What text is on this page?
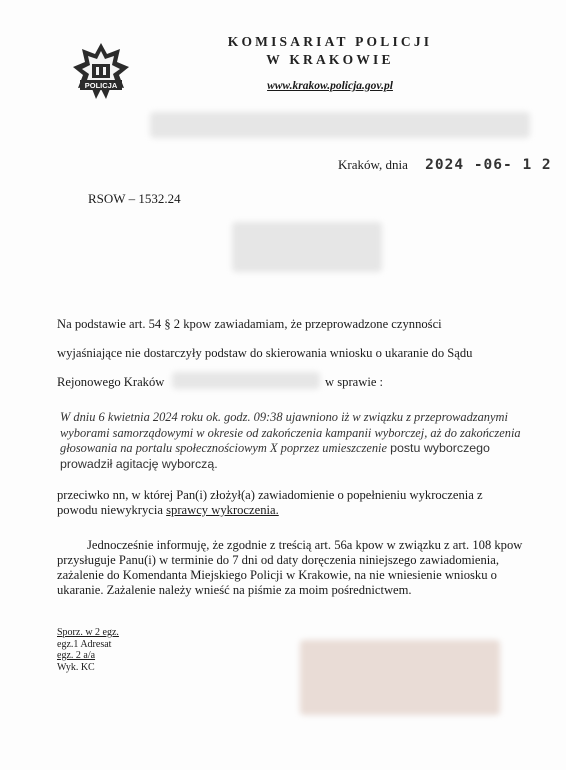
POLICJA
KOMISARIAT POLICJI
W KRAKOWIE
www.krakow.policja.gov.pl
Kraków, dnia 2024 -06- 1 2
RSOW – 1532.24
Na podstawie art. 54 § 2 kpow zawiadamiam, że przeprowadzone czynności
wyjaśniające nie dostarczyły podstaw do skierowania wniosku o ukaranie do Sądu
Rejonowego Kraków	w sprawie :
W dniu 6 kwietnia 2024 roku ok. godz. 09:38 ujawniono iż w związku z przeprowadzanymi wyborami samorządowymi w okresie od zakończenia kampanii wyborczej, aż do zakończenia głosowania na portalu społecznościowym X poprzez umieszczenie postu wyborczego prowadził agitację wyborczą.
przeciwko nn, w której Pan(i) złożył(a) zawiadomienie o popełnieniu wykroczenia z
powodu niewykrycia sprawcy wykroczenia.
Jednocześnie informuję, że zgodnie z treścią art. 56a kpow w związku z art. 108 kpow przysługuje Panu(i) w terminie do 7 dni od daty doręczenia niniejszego zawiadomienia, zażalenie do Komendanta Miejskiego Policji w Krakowie, na nie wniesienie wniosku o ukaranie. Zażalenie należy wnieść na piśmie za moim pośrednictwem.
Sporz. w 2 egz.
egz.1 Adresat
egz. 2 a/a
Wyk. KC
